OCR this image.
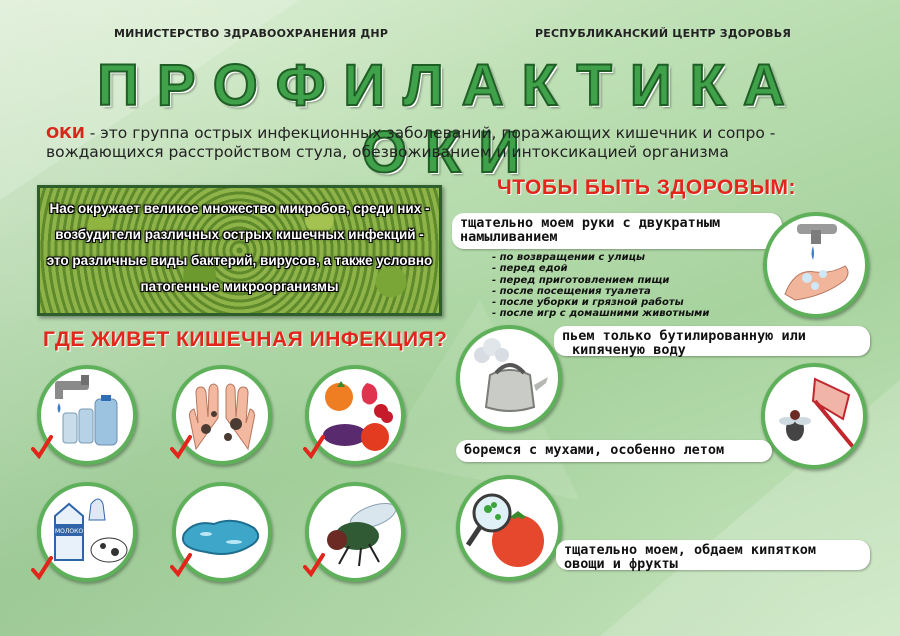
МИНИСТЕРСТВО ЗДРАВООХРАНЕНИЯ ДНР	РЕСПУБЛИКАНСКИЙ ЦЕНТР ЗДОРОВЬЯ
ПРОФИЛАКТИКА ОКИ
ОКИ - это группа острых инфекционных заболеваний, поражающих кишечник и сопро -
вождающихся расстройством стула, обезвоживанием и интоксикацией организма
Нас окружает великое множество микробов, среди них -
возбудители различных острых кишечных инфекций -
это различные виды бактерий, вирусов, а также условно
патогенные микроорганизмы
ГДЕ ЖИВЕТ КИШЕЧНАЯ ИНФЕКЦИЯ?
ЧТОБЫ БЫТЬ ЗДОРОВЫМ:
МОЛОКО
тщательно моем руки с двукратным
намыливанием
- по возвращении с улицы
- перед едой
- перед приготовлением пищи
- после посещения туалета
- после уборки и грязной работы
- после игр с домашними животными
пьем только бутилированную или
кипяченую воду
боремся с мухами, особенно летом
тщательно моем, обдаем кипятком
овощи и фрукты
